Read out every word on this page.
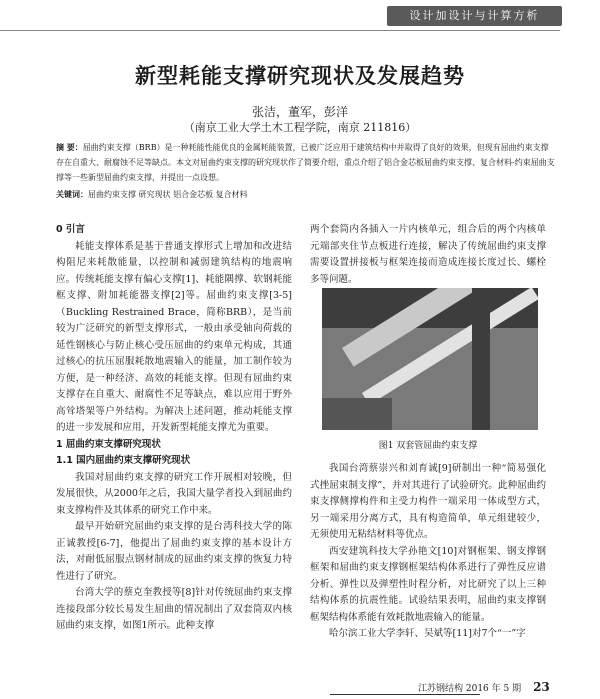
设计加设计与计算方析
新型耗能支撑研究现状及发展趋势
张洁，董军，彭洋
（南京工业大学土木工程学院，南京 211816）
摘 要：屈曲约束支撑（BRB）是一种耗能性能优良的金属耗能装置，已被广泛应用于建筑结构中并取得了良好的效果，但现有屈曲约束支撑存在自重大、耐腐蚀不足等缺点。本文对屈曲约束支撑的研究现状作了简要介绍，重点介绍了铝合金芯板屈曲约束支撑、复合材料-约束屈曲支撑等一些新型屈曲约束支撑，并提出一点设想。
关键词：屈曲约束支撑 研究现状 铝合金芯板 复合材料
0 引言

耗能支撑体系是基于普通支撑形式上增加和改进结构阻尼来耗散能量，以控制和减弱建筑结构的地震响应。传统耗能支撑有偏心支撑[1]、耗能隅撑、软钢耗能框支撑、附加耗能器支撑[2]等。屈曲约束支撑[3-5]（Buckling Restrained Brace，简称BRB），是当前较为广泛研究的新型支撑形式，一般由承受轴向荷载的延性钢核心与防止核心受压屈曲的约束单元构成，其通过核心的抗压屈服耗散地震输入的能量，加工制作较为方便，是一种经济、高效的耗能支撑。但现有屈曲约束支撑存在自重大、耐腐性不足等缺点，难以应用于野外高耸塔架等户外结构。为解决上述问题，推动耗能支撑的进一步发展和应用，开发新型耗能支撑尤为重要。

1 屈曲约束支撑研究现状
1.1 国内屈曲约束支撑研究现状

我国对屈曲约束支撑的研究工作开展相对较晚，但发展很快，从2000年之后，我国大量学者投入到屈曲约束支撑构件及其体系的研究工作中来。

最早开始研究屈曲约束支撑的是台湾科技大学的陈正诚教授[6-7]，他提出了屈曲约束支撑的基本设计方法，对耐低屈服点钢材制成的屈曲约束支撑的恢复力特性进行了研究。

台湾大学的蔡克奎教授等[8]针对传统屈曲约束支撑连接段部分较长易发生屈曲的情况制出了双套筒双内核屈曲约束支撑，如图1所示。此种支撑

两个套筒内各插入一片内核单元，组合后的两个内核单元端部夹住节点板进行连接，解决了传统屈曲约束支撑需要设置拼接板与框架连接而造成连接长度过长、螺栓多等问题。

图1 双套管屈曲约束支撑

我国台湾蔡崇兴和刘育诚[9]研制出一种“简易强化式挫屈束制支撑”，并对其进行了试验研究。此种屈曲约束支撑侧撑构件和主受力构件一端采用一体成型方式，另一端采用分离方式，具有构造简单，单元组建较少，无须使用无粘结材料等优点。

西安建筑科技大学孙艳文[10]对钢框架、钢支撑钢框架和屈曲约束支撑钢框架结构体系进行了弹性反应谱分析、弹性以及弹塑性时程分析，对比研究了以上三种结构体系的抗震性能。试验结果表明，屈曲约束支撑钢框架结构体系能有效耗散地震输入的能量。

哈尔滨工业大学李轩、吴斌等[11]对7个“一”字

江苏钢结构 2016 年 5 期 23
